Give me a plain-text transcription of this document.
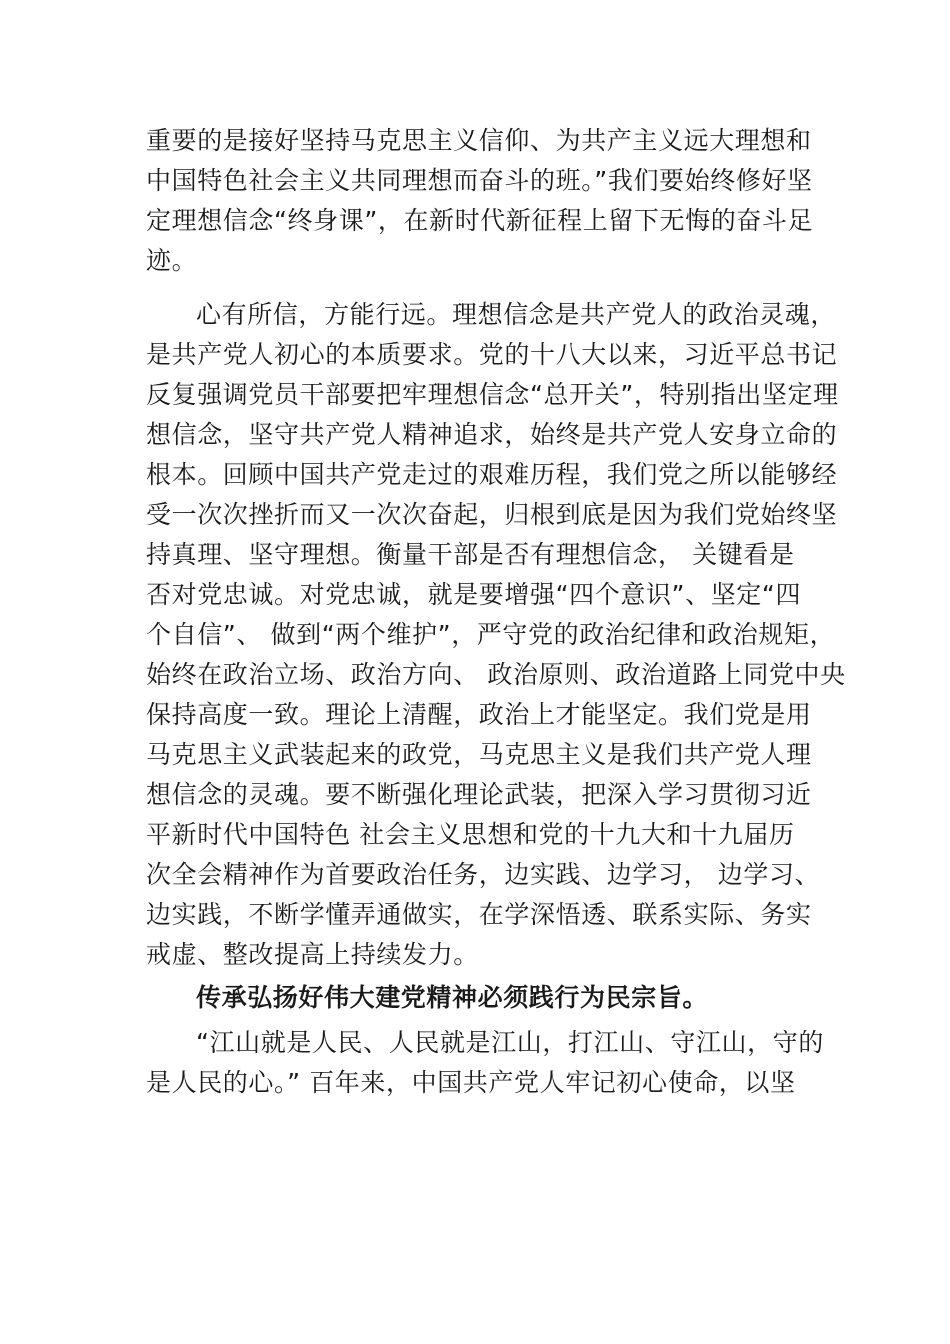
重要的是接好坚持马克思主义信仰、为共产主义远大理想和
中国特色社会主义共同理想而奋斗的班。”我们要始终修好坚
定理想信念“终身课”，在新时代新征程上留下无悔的奋斗足
迹。
心有所信，方能行远。理想信念是共产党人的政治灵魂，
是共产党人初心的本质要求。党的十八大以来，习近平总书记
反复强调党员干部要把牢理想信念“总开关”，特别指出坚定理
想信念，坚守共产党人精神追求，始终是共产党人安身立命的
根本。回顾中国共产党走过的艰难历程，我们党之所以能够经
受一次次挫折而又一次次奋起，归根到底是因为我们党始终坚
持真理、坚守理想。衡量干部是否有理想信念， 关键看是
否对党忠诚。对党忠诚，就是要增强“四个意识”、坚定“四
个自信”、 做到“两个维护”，严守党的政治纪律和政治规矩，
始终在政治立场、政治方向、 政治原则、政治道路上同党中央
保持高度一致。理论上清醒，政治上才能坚定。我们党是用
马克思主义武装起来的政党，马克思主义是我们共产党人理
想信念的灵魂。要不断强化理论武装，把深入学习贯彻习近
平新时代中国特色 社会主义思想和党的十九大和十九届历
次全会精神作为首要政治任务，边实践、边学习， 边学习、
边实践，不断学懂弄通做实，在学深悟透、联系实际、务实
戒虚、整改提高上持续发力。
传承弘扬好伟大建党精神必须践行为民宗旨。
“江山就是人民、人民就是江山，打江山、守江山，守的
是人民的心。” 百年来，中国共产党人牢记初心使命，以坚
